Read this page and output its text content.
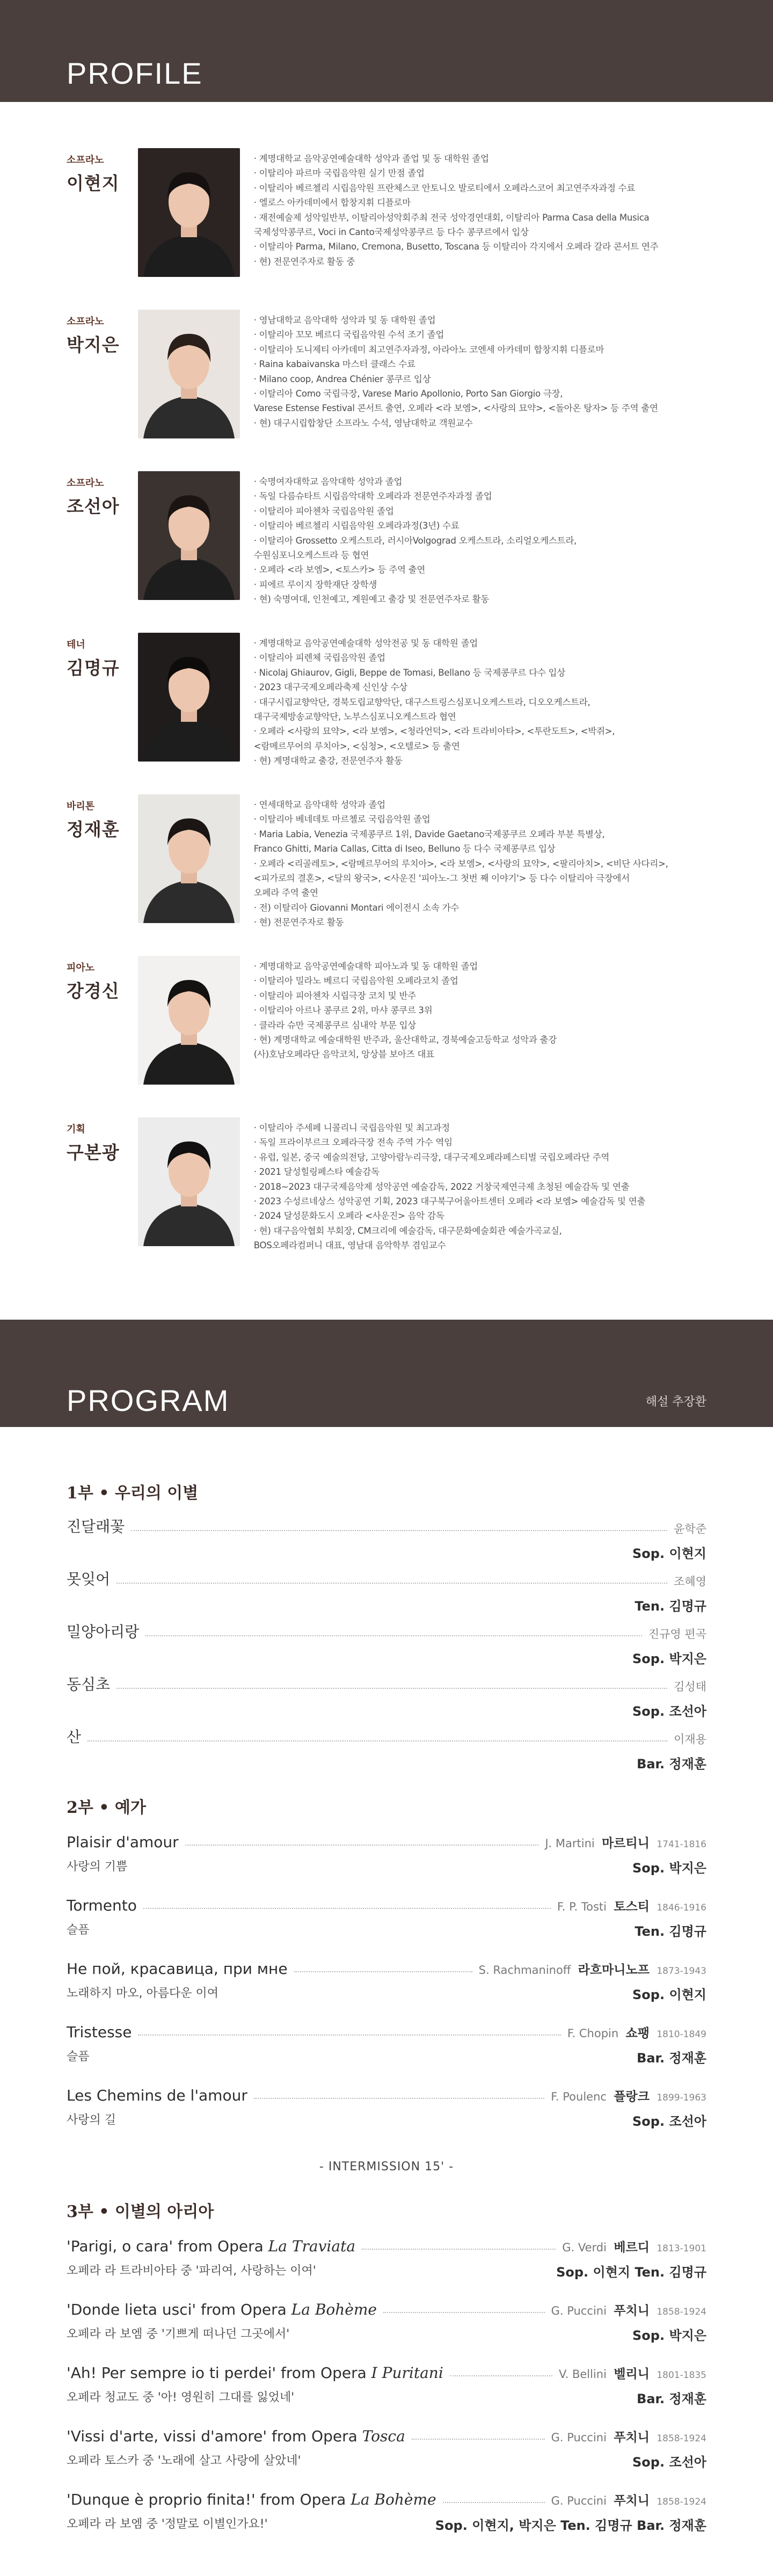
PROFILE
소프라노
이현지
· 계명대학교 음악공연예술대학 성악과 졸업 및 동 대학원 졸업
· 이탈리아 파르마 국립음악원 실기 만점 졸업
· 이탈리아 베르첼리 시립음악원 프란체스코 안토니오 발로티에서 오페라스코어 최고연주자과정 수료
· 엘로스 아카데미에서 합창지휘 디플로마
· 재전예술제 성악일반부, 이탈리아성악회주최 전국 성악경연대회, 이탈리아 Parma Casa della Musica
국제성악콩쿠르, Voci in Canto국제성악콩쿠르 등 다수 콩쿠르에서 입상
· 이탈리아 Parma, Milano, Cremona, Busetto, Toscana 등 이탈리아 각지에서 오페라 갈라 콘서트 연주
· 현) 전문연주자로 활동 중
소프라노
박지은
· 영남대학교 음악대학 성악과 및 동 대학원 졸업
· 이탈리아 꼬모 베르디 국립음악원 수석 조기 졸업
· 이탈리아 도니제티 아카데미 최고연주자과정, 아라아노 코엔세 아카데미 합창지휘 디플로마
· Raina kabaivanska 마스터 클래스 수료
· Milano coop, Andrea Chénier 콩쿠르 입상
· 이탈리아 Como 국립극장, Varese Mario Apollonio, Porto San Giorgio 극장,
Varese Estense Festival 콘서트 출연, 오페라 <라 보엠>, <사랑의 묘약>, <돌아온 탕자> 등 주역 출연
· 현) 대구시립합창단 소프라노 수석, 영남대학교 객원교수
소프라노
조선아
· 숙명여자대학교 음악대학 성악과 졸업
· 독일 다름슈타트 시립음악대학 오페라과 전문연주자과정 졸업
· 이탈리아 피아첸차 국립음악원 졸업
· 이탈리아 베르첼리 시립음악원 오페라과정(3년) 수료
· 이탈리아 Grossetto 오케스트라, 러시아Volgograd 오케스트라, 소리얼오케스트라,
수원심포니오케스트라 등 협연
· 오페라 <라 보엠>, <토스카> 등 주역 출연
· 피에르 루이지 장학재단 장학생
· 현) 숙명여대, 인천예고, 계원예고 출강 및 전문연주자로 활동
테너
김명규
· 계명대학교 음악공연예술대학 성악전공 및 동 대학원 졸업
· 이탈리아 피렌체 국립음악원 졸업
· Nicolaj Ghiaurov, Gigli, Beppe de Tomasi, Bellano 등 국제콩쿠르 다수 입상
· 2023 대구국제오페라축제 신인상 수상
· 대구시립교향악단, 경북도립교향악단, 대구스트링스심포니오케스트라, 디오오케스트라,
대구국제방송교향악단, 노부스심포니오케스트라 협연
· 오페라 <사랑의 묘약>, <라 보엠>, <청라언덕>, <라 트라비아타>, <투란도트>, <박쥐>,
<람메르무어의 루치아>, <심청>, <오텔로> 등 출연
· 현) 계명대학교 출강, 전문연주자 활동
바리톤
정재훈
· 연세대학교 음악대학 성악과 졸업
· 이탈리아 베네데토 마르첼로 국립음악원 졸업
· Maria Labia, Venezia 국제콩쿠르 1위, Davide Gaetano국제콩쿠르 오페라 부분 특별상,
Franco Ghitti, Maria Callas, Citta di Iseo, Belluno 등 다수 국제콩쿠르 입상
· 오페라 <리골레토>, <람메르무어의 루치아>, <라 보엠>, <사랑의 묘약>, <팔리아치>, <비단 사다리>,
<피가로의 결혼>, <달의 왕국>, <사운진 '피아노-그 첫번 째 이야기'> 등 다수 이탈리아 극장에서
오페라 주역 출연
· 전) 이탈리아 Giovanni Montari 에이전시 소속 가수
· 현) 전문연주자로 활동
피아노
강경신
· 계명대학교 음악공연예술대학 피아노과 및 동 대학원 졸업
· 이탈리아 밀라노 베르디 국립음악원 오페라코치 졸업
· 이탈리아 피아첸차 시립극장 코치 및 반주
· 이탈리아 아르나 콩쿠르 2위, 마샤 콩쿠르 3위
· 클라라 슈만 국제콩쿠르 심내악 부문 입상
· 현) 계명대학교 예술대학원 반주과, 울산대학교, 경북예술고등학교 성악과 출강
(사)호남오페라단 음악코치, 앙상블 보아즈 대표
기획
구본광
· 이탈리아 주세페 니콜리니 국립음악원 및 최고과정
· 독일 프라이부르크 오페라극장 전속 주역 가수 역임
· 유럽, 일본, 중국 예술의전당, 고양아람누리극장, 대구국제오페라페스티벌 국립오페라단 주역
· 2021 달성힐링페스타 예술감독
· 2018~2023 대구국제음악제 성악공연 예술감독, 2022 거창국제연극제 초청된 예술감독 및 연출
· 2023 수성르네상스 성악공연 기획, 2023 대구북구어울아트센터 오페라 <라 보엠> 예술감독 및 연출
· 2024 달성문화도시 오페라 <사운진> 음악 감독
· 현) 대구음악협회 부회장, CM크리에 예술감독, 대구문화예술회관 예술가곡교실,
BOS오페라컴퍼니 대표, 영남대 음악학부 겸임교수
PROGRAM	해설 추장환
1부 • 우리의 이별
진달래꽃	윤학준
Sop. 이현지
못잊어	조혜영
Ten. 김명규
밀양아리랑	진규영 편곡
Sop. 박지은
동심초	김성태
Sop. 조선아
산	이재용
Bar. 정재훈
2부 • 예가
Plaisir d'amour	J. Martini 마르티니 1741-1816
사랑의 기쁨	Sop. 박지은
Tormento	F. P. Tosti 토스티 1846-1916
슬픔	Ten. 김명규
Не пой, красавица, при мне	S. Rachmaninoff 라흐마니노프 1873-1943
노래하지 마오, 아름다운 이여	Sop. 이현지
Tristesse	F. Chopin 쇼팽 1810-1849
슬픔	Bar. 정재훈
Les Chemins de l'amour	F. Poulenc 플랑크 1899-1963
사랑의 길	Sop. 조선아
- INTERMISSION 15' -
3부 • 이별의 아리아
'Parigi, o cara' from Opera La Traviata	G. Verdi 베르디 1813-1901
오페라 라 트라비아타 중 '파리여, 사랑하는 이여'	Sop. 이현지 Ten. 김명규
'Donde lieta usci' from Opera La Bohème	G. Puccini 푸치니 1858-1924
오페라 라 보엠 중 '기쁘게 떠나던 그곳에서'	Sop. 박지은
'Ah! Per sempre io ti perdei' from Opera I Puritani	V. Bellini 벨리니 1801-1835
오페라 청교도 중 '아! 영원히 그대를 잃었네'	Bar. 정재훈
'Vissi d'arte, vissi d'amore' from Opera Tosca	G. Puccini 푸치니 1858-1924
오페라 토스카 중 '노래에 살고 사랑에 살았네'	Sop. 조선아
'Dunque è proprio finita!' from Opera La Bohème	G. Puccini 푸치니 1858-1924
오페라 라 보엠 중 '정말로 이별인가요!'	Sop. 이현지, 박지은 Ten. 김명규 Bar. 정재훈
